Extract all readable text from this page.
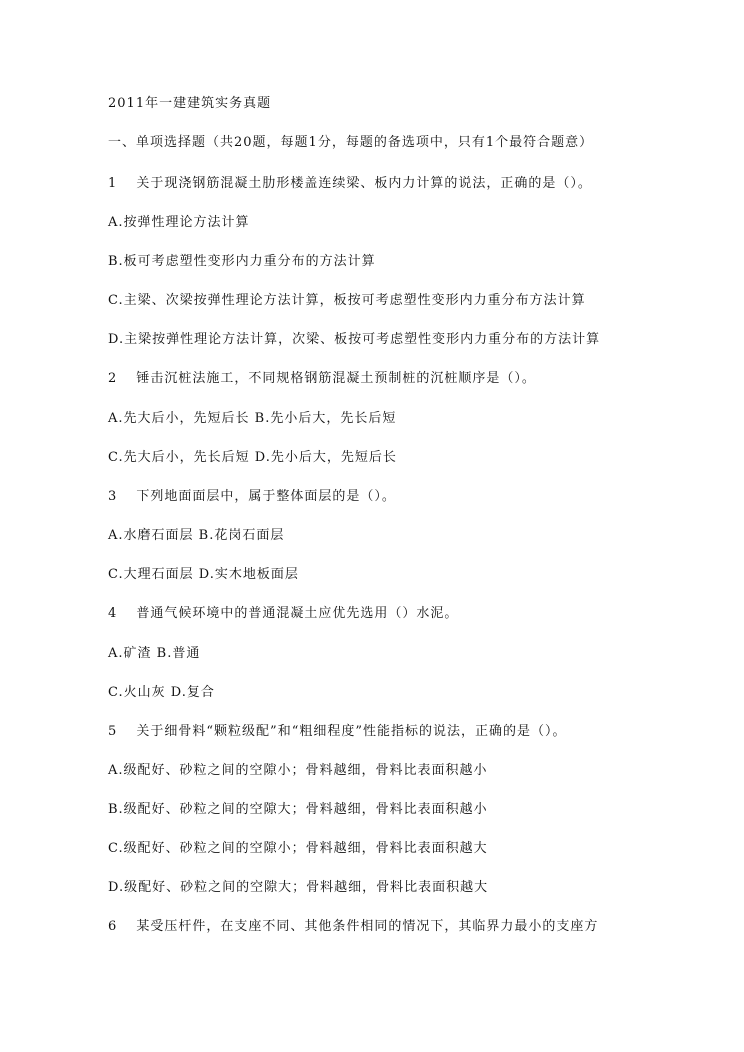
2011年一建建筑实务真题
一、单项选择题（共20题，每题1分，每题的备选项中，只有1个最符合题意）
1　 关于现浇钢筋混凝土肋形楼盖连续梁、板内力计算的说法，正确的是（）。
A.按弹性理论方法计算
B.板可考虑塑性变形内力重分布的方法计算
C.主梁、次梁按弹性理论方法计算，板按可考虑塑性变形内力重分布方法计算
D.主梁按弹性理论方法计算，次梁、板按可考虑塑性变形内力重分布的方法计算
2　 锤击沉桩法施工，不同规格钢筋混凝土预制桩的沉桩顺序是（）。
A.先大后小，先短后长 B.先小后大，先长后短
C.先大后小，先长后短 D.先小后大，先短后长
3　 下列地面面层中，属于整体面层的是（）。
A.水磨石面层 B.花岗石面层
C.大理石面层 D.实木地板面层
4　 普通气候环境中的普通混凝土应优先选用（）水泥。
A.矿渣 B.普通
C.火山灰 D.复合
5　 关于细骨料“颗粒级配”和“粗细程度”性能指标的说法，正确的是（）。
A.级配好、砂粒之间的空隙小；骨料越细，骨料比表面积越小
B.级配好、砂粒之间的空隙大；骨料越细，骨料比表面积越小
C.级配好、砂粒之间的空隙小；骨料越细，骨料比表面积越大
D.级配好、砂粒之间的空隙大；骨料越细，骨料比表面积越大
6　 某受压杆件，在支座不同、其他条件相同的情况下，其临界力最小的支座方
